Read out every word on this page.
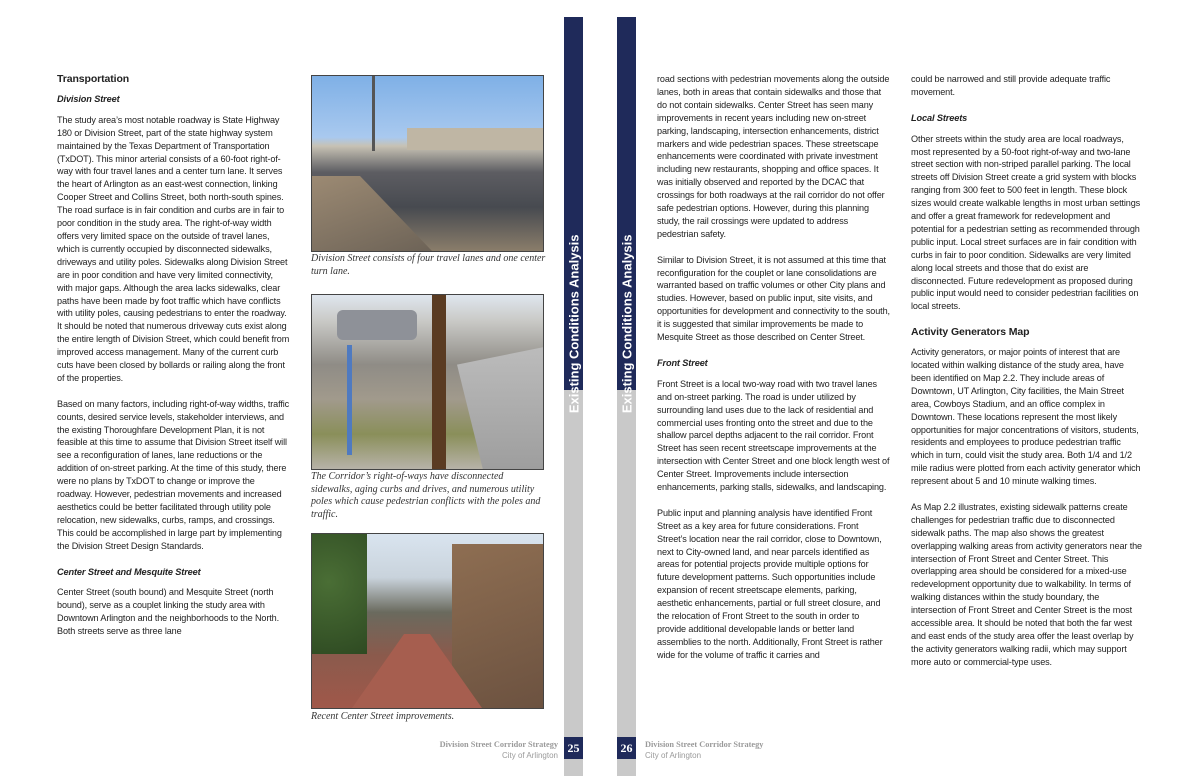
Transportation
Division Street

The study area’s most notable roadway is State Highway 180 or Division Street, part of the state highway system maintained by the Texas Department of Transportation (TxDOT). This minor arterial consists of a 60-foot right-of-way with four travel lanes and a center turn lane. It serves the heart of Arlington as an east-west connection, linking Cooper Street and Collins Street, both north-south spines. The road surface is in fair condition and curbs are in fair to poor condition in the study area. The right-of-way width offers very limited space on the outside of travel lanes, which is currently occupied by disconnected sidewalks, driveways and utility poles. Sidewalks along Division Street are in poor condition and have very limited connectivity, with major gaps. Although the area lacks sidewalks, clear paths have been made by foot traffic which have conflicts with utility poles, causing pedestrians to enter the roadway. It should be noted that numerous driveway cuts exist along the entire length of Division Street, which could benefit from improved access management. Many of the current curb cuts have been closed by bollards or railing along the front of the properties.

Based on many factors, including right-of-way widths, traffic counts, desired service levels, stakeholder interviews, and the existing Thoroughfare Development Plan, it is not feasible at this time to assume that Division Street itself will see a reconfiguration of lanes, lane reductions or the addition of on-street parking. At the time of this study, there were no plans by TxDOT to change or improve the roadway. However, pedestrian movements and increased aesthetics could be better facilitated through utility pole relocation, new sidewalks, curbs, ramps, and crossings. This could be accomplished in large part by implementing the Division Street Design Standards.

Center Street and Mesquite Street

Center Street (south bound) and Mesquite Street (north bound), serve as a couplet linking the study area with Downtown Arlington and the neighborhoods to the North. Both streets serve as three lane

Division Street consists of four travel lanes and one center turn lane.
The Corridor’s right-of-ways have disconnected sidewalks, aging curbs and drives, and numerous utility poles which cause pedestrian conflicts with the poles and traffic.
Recent Center Street improvements.
Existing Conditions Analysis
25
Division Street Corridor Strategy
City of Arlington
Existing Conditions Analysis
26	Division Street Corridor Strategy
City of Arlington

road sections with pedestrian movements along the outside lanes, both in areas that contain sidewalks and those that do not contain sidewalks. Center Street has seen many improvements in recent years including new on-street parking, landscaping, intersection enhancements, district markers and wide pedestrian spaces. These streetscape enhancements were coordinated with private investment including new restaurants, shopping and office spaces. It was initially observed and reported by the DCAC that crossings for both roadways at the rail corridor do not offer safe pedestrian options. However, during this planning study, the rail crossings were updated to address pedestrian safety.

Similar to Division Street, it is not assumed at this time that reconfiguration for the couplet or lane consolidations are warranted based on traffic volumes or other City plans and studies. However, based on public input, site visits, and opportunities for development and connectivity to the south, it is suggested that similar improvements be made to Mesquite Street as those described on Center Street.

Front Street

Front Street is a local two-way road with two travel lanes and on-street parking. The road is under utilized by surrounding land uses due to the lack of residential and commercial uses fronting onto the street and due to the shallow parcel depths adjacent to the rail corridor. Front Street has seen recent streetscape improvements at the intersection with Center Street and one block length west of Center Street. Improvements include intersection enhancements, parking stalls, sidewalks, and landscaping.

Public input and planning analysis have identified Front Street as a key area for future considerations. Front Street’s location near the rail corridor, close to Downtown, next to City-owned land, and near parcels identified as areas for potential projects provide multiple options for future development patterns. Such opportunities include expansion of recent streetscape elements, parking, aesthetic enhancements, partial or full street closure, and the relocation of Front Street to the south in order to provide additional developable lands or better land assemblies to the north. Additionally, Front Street is rather wide for the volume of traffic it carries and

could be narrowed and still provide adequate traffic movement.

Local Streets

Other streets within the study area are local roadways, most represented by a 50-foot right-of-way and two-lane street section with non-striped parallel parking. The local streets off Division Street create a grid system with blocks ranging from 300 feet to 500 feet in length. These block sizes would create walkable lengths in most urban settings and offer a great framework for redevelopment and potential for a pedestrian setting as recommended through public input. Local street surfaces are in fair condition with curbs in fair to poor condition. Sidewalks are very limited along local streets and those that do exist are disconnected. Future redevelopment as proposed during public input would need to consider pedestrian facilities on local streets.

Activity Generators Map

Activity generators, or major points of interest that are located within walking distance of the study area, have been identified on Map 2.2. They include areas of Downtown, UT Arlington, City facilities, the Main Street area, Cowboys Stadium, and an office complex in Downtown. These locations represent the most likely opportunities for major concentrations of visitors, students, residents and employees to produce pedestrian traffic which in turn, could visit the study area. Both 1/4 and 1/2 mile radius were plotted from each activity generator which represent about 5 and 10 minute walking times.

As Map 2.2 illustrates, existing sidewalk patterns create challenges for pedestrian traffic due to disconnected sidewalk paths. The map also shows the greatest overlapping walking areas from activity generators near the intersection of Front Street and Center Street. This overlapping area should be considered for a mixed-use redevelopment opportunity due to walkability. In terms of walking distances within the study boundary, the intersection of Front Street and Center Street is the most accessible area. It should be noted that both the far west and east ends of the study area offer the least overlap by the activity generators walking radii, which may support more auto or commercial-type uses.
